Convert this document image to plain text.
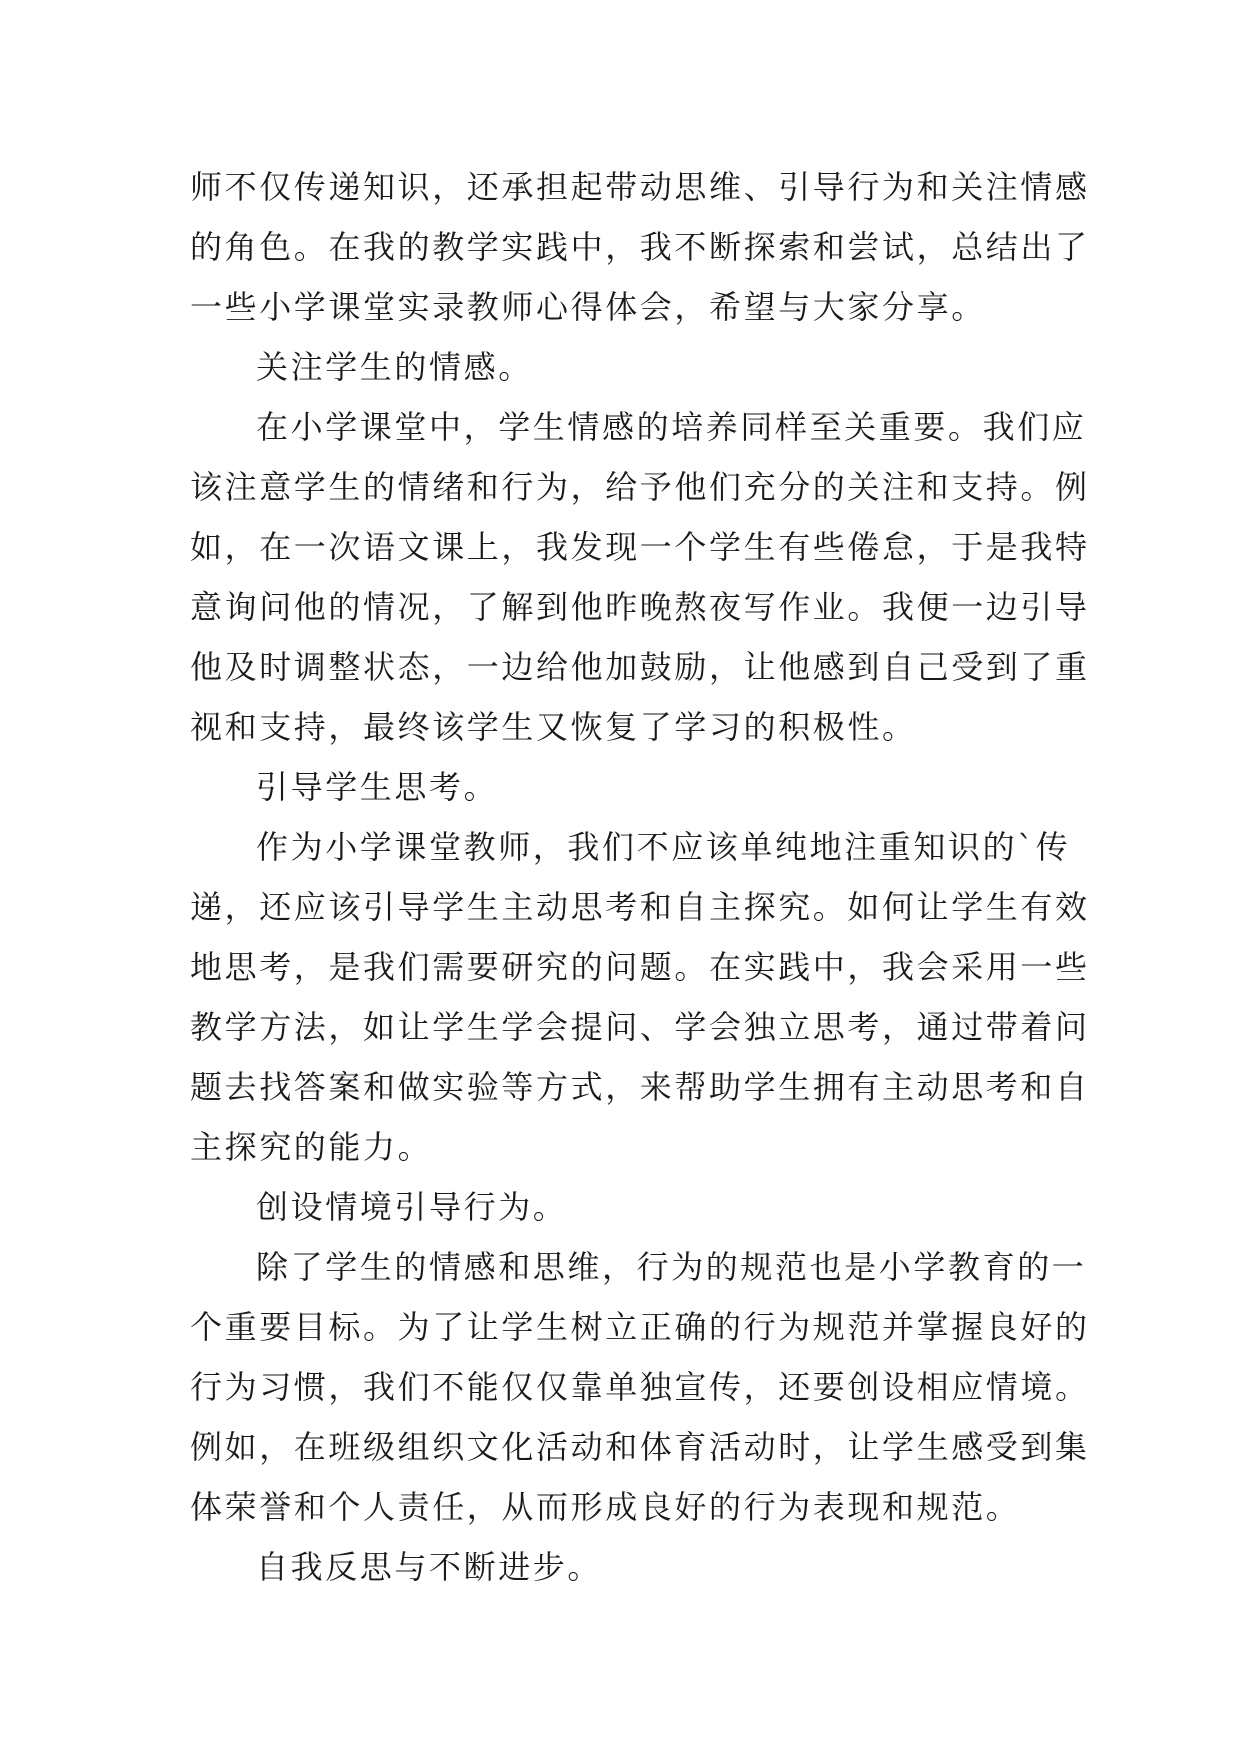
师不仅传递知识，还承担起带动思维、引导行为和关注情感

的角色。在我的教学实践中，我不断探索和尝试，总结出了

一些小学课堂实录教师心得体会，希望与大家分享。

关注学生的情感。

在小学课堂中，学生情感的培养同样至关重要。我们应

该注意学生的情绪和行为，给予他们充分的关注和支持。例

如，在一次语文课上，我发现一个学生有些倦怠，于是我特

意询问他的情况，了解到他昨晚熬夜写作业。我便一边引导

他及时调整状态，一边给他加鼓励，让他感到自己受到了重

视和支持，最终该学生又恢复了学习的积极性。

引导学生思考。

作为小学课堂教师，我们不应该单纯地注重知识的`传

递，还应该引导学生主动思考和自主探究。如何让学生有效

地思考，是我们需要研究的问题。在实践中，我会采用一些

教学方法，如让学生学会提问、学会独立思考，通过带着问

题去找答案和做实验等方式，来帮助学生拥有主动思考和自

主探究的能力。

创设情境引导行为。

除了学生的情感和思维，行为的规范也是小学教育的一

个重要目标。为了让学生树立正确的行为规范并掌握良好的

行为习惯，我们不能仅仅靠单独宣传，还要创设相应情境。

例如，在班级组织文化活动和体育活动时，让学生感受到集

体荣誉和个人责任，从而形成良好的行为表现和规范。

自我反思与不断进步。
